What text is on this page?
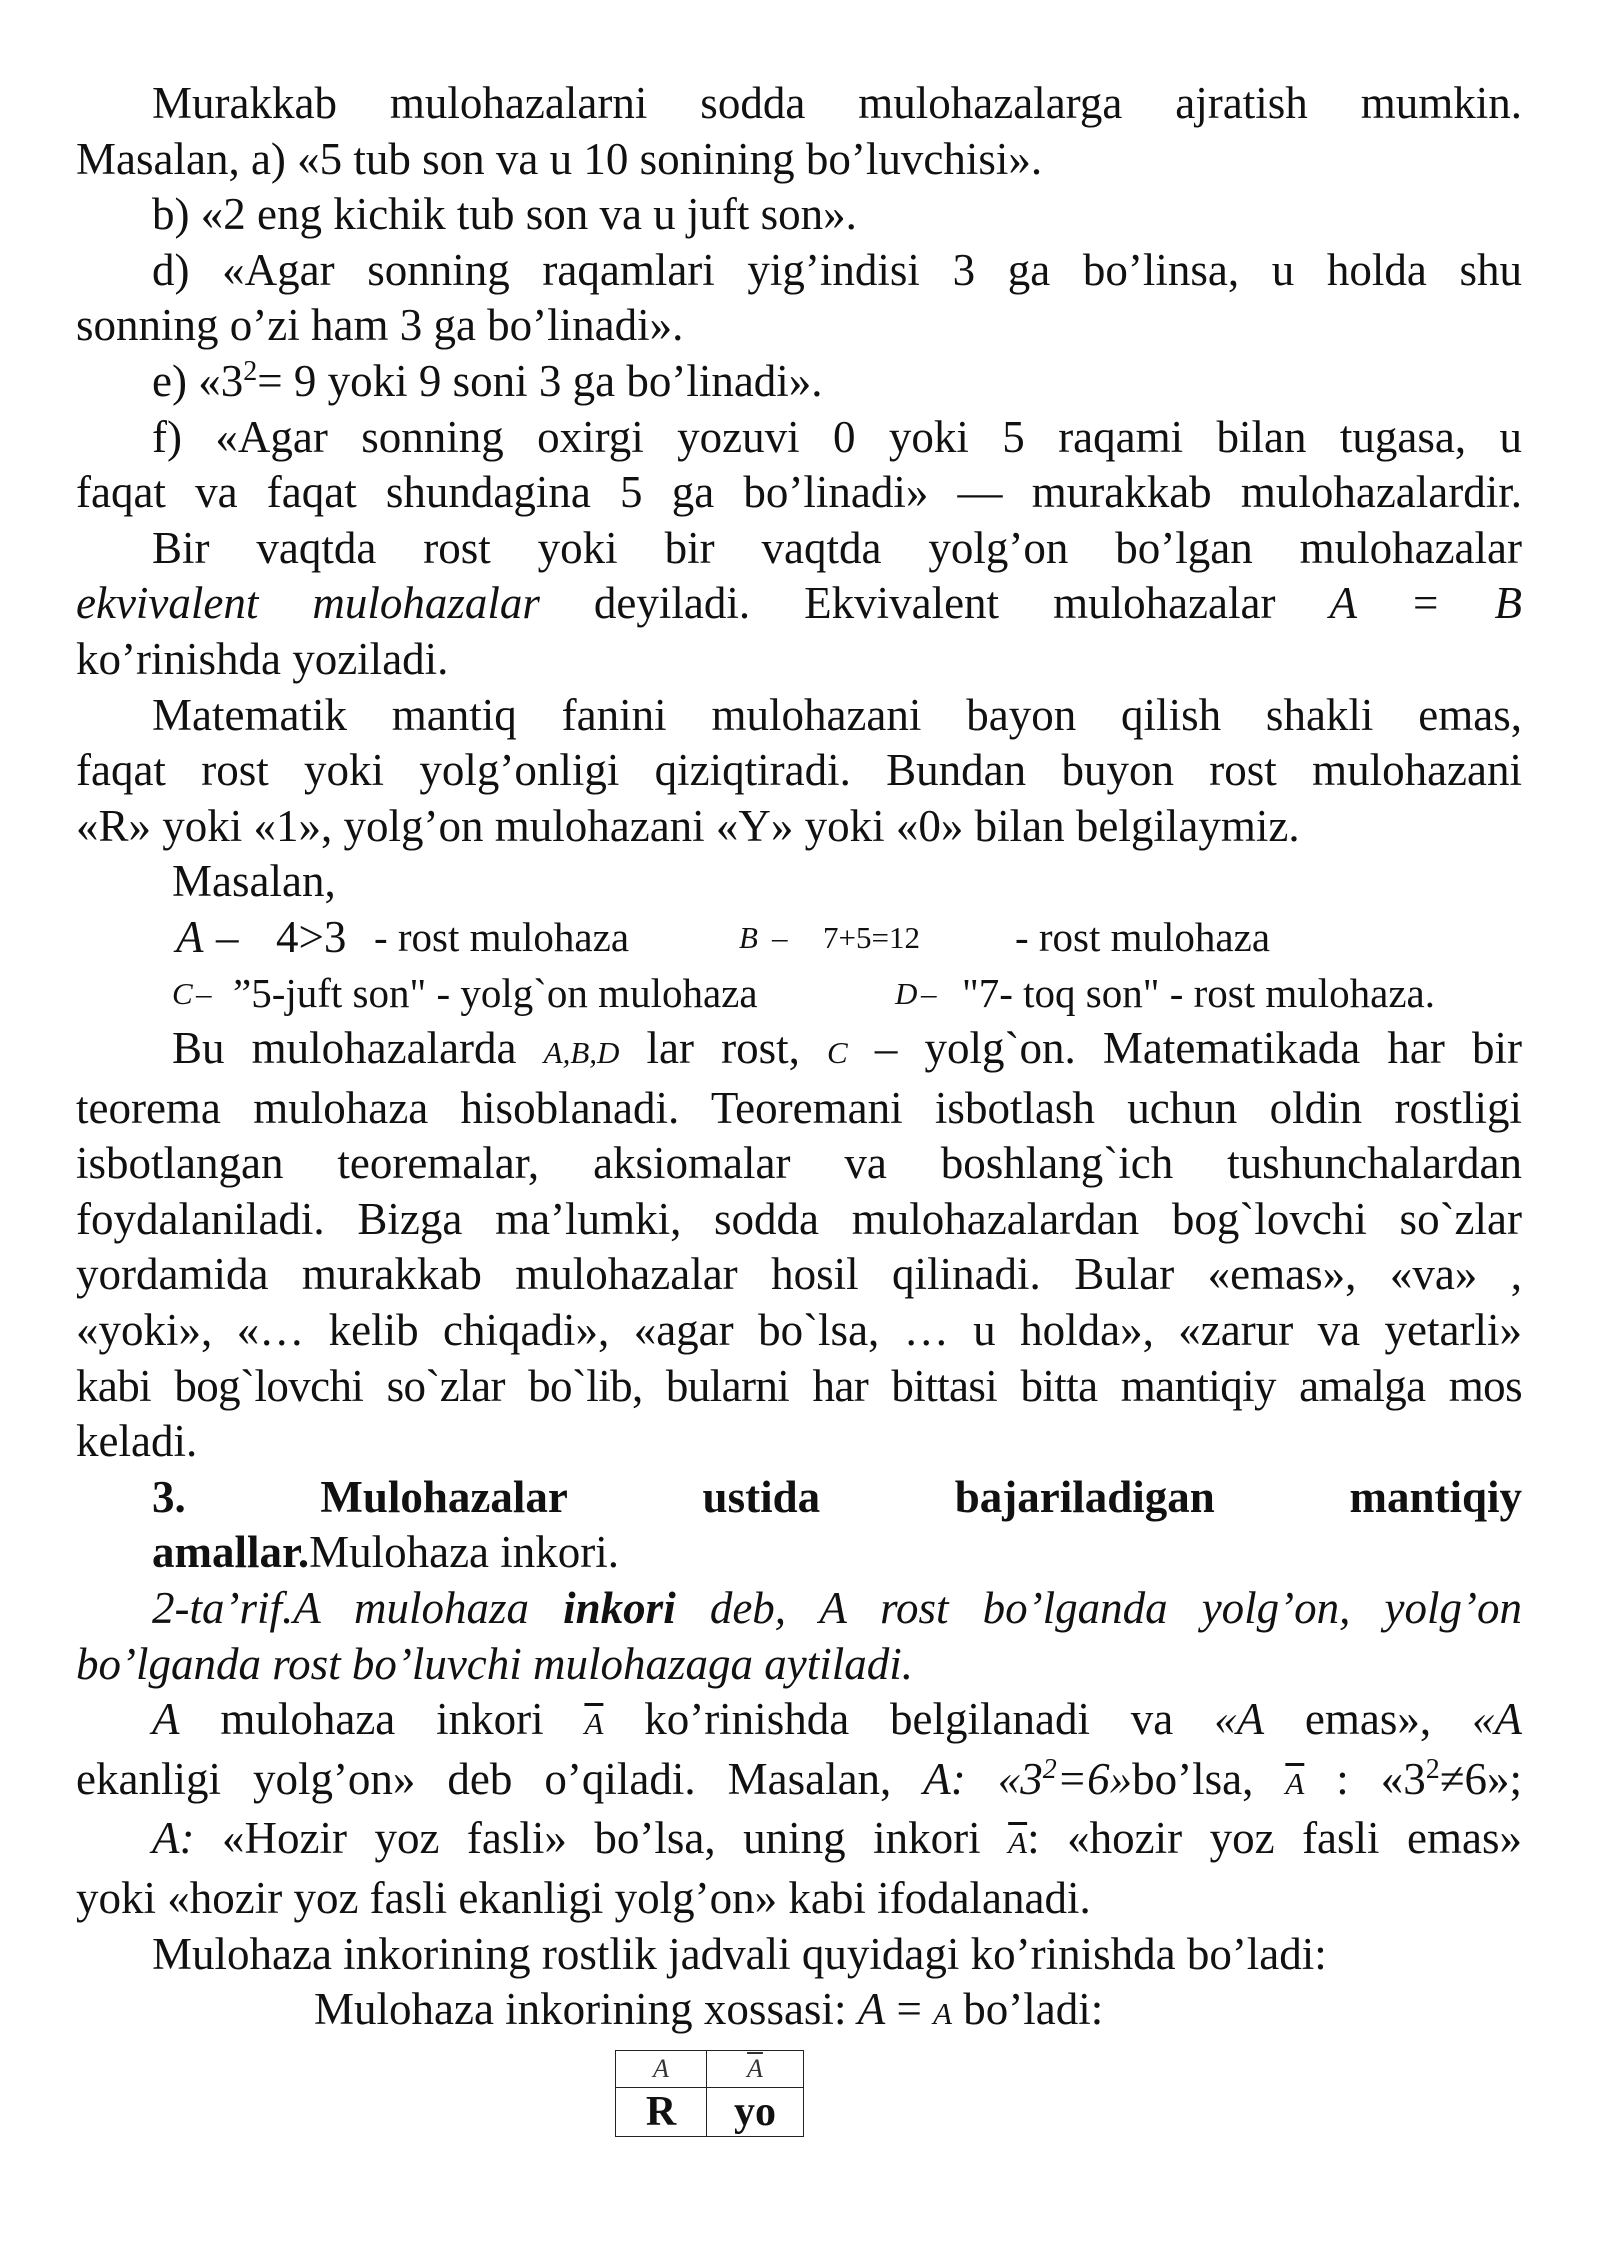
Murakkab mulohazalarni sodda mulohazalarga ajratish mumkin.

Masalan, a) «5 tub son va u 10 sonining bo’luvchisi».

b) «2 eng kichik tub son va u juft son».

d) «Agar sonning raqamlari yig’indisi 3 ga bo’linsa, u holda shu

sonning o’zi ham 3 ga bo’linadi».

e) «$3^2= 9$ yoki 9 soni 3 ga bo’linadi».

f) «Agar sonning oxirgi yozuvi 0 yoki 5 raqami bilan tugasa, u

faqat va faqat shundagina 5 ga bo’linadi» — murakkab mulohazalardir.

Bir vaqtda rost yoki bir vaqtda yolg’on bo’lgan mulohazalar

ekvivalent mulohazalar deyiladi. Ekvivalent mulohazalar A = B

ko’rinishda yoziladi.

Matematik mantiq fanini mulohazani bayon qilish shakli emas,

faqat rost yoki yolg’onligi qiziqtiradi. Bundan buyon rost mulohazani

«R» yoki «1», yolg’on mulohazani «Y» yoki «0» bilan belgilaymiz.

Masalan,

A – 4>3 - rost mulohaza	B – 7+5=12 - rost mulohaza
C – ”5-juft son" - yolg`on mulohaza	D – "7- toq son" - rost mulohaza.

Bu mulohazalarda A,B,D lar rost, C – yolg`on. Matematikada har bir

teorema mulohaza hisoblanadi. Teoremani isbotlash uchun oldin rostligi

isbotlangan teoremalar, aksiomalar va boshlang`ich tushunchalardan

foydalaniladi. Bizga ma’lumki, sodda mulohazalardan bog`lovchi so`zlar

yordamida murakkab mulohazalar hosil qilinadi. Bular «emas», «va» ,

«yoki», «… kelib chiqadi», «agar bo`lsa, … u holda», «zarur va yetarli»

kabi bog`lovchi so`zlar bo`lib, bularni har bittasi bitta mantiqiy amalga mos

keladi.

3.	Mulohazalar	ustida	bajariladigan	mantiqiy

amallar.Mulohaza inkori.

2-ta’rif.A mulohaza inkori deb, A rost bo’lganda yolg’on, yolg’on

bo’lganda rost bo’luvchi mulohazaga aytiladi.

A mulohaza inkori $\overline{A}$ ko’rinishda belgilanadi va «A emas», «A

ekanligi yolg’on» deb o’qiladi. Masalan, A: «$3^2=6»bo’lsa$, $\overline{A}$ : «$3^2\ne 6$»;

A: «Hozir yoz fasli» bo’lsa, uning inkori $\overline{A}$: «hozir yoz fasli emas»

yoki «hozir yoz fasli ekanligi yolg’on» kabi ifodalanadi.

Mulohaza inkorining rostlik jadvali quyidagi ko’rinishda bo’ladi:

Mulohaza inkorining xossasi: A = A bo’ladi:

A	$\overline{A}$
R	yo
